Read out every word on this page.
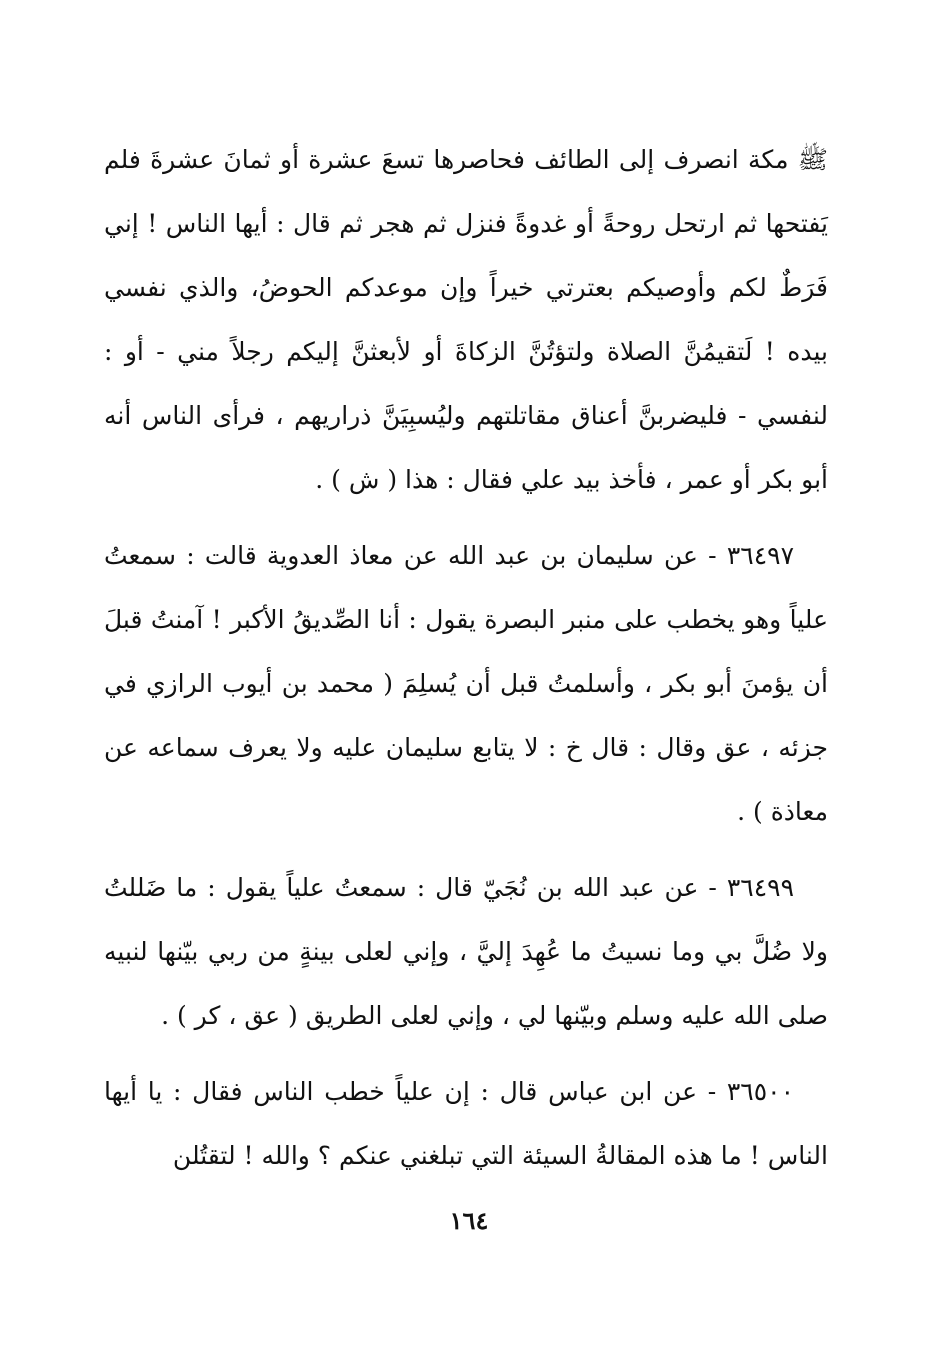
ﷺ مكة انصرف إلى الطائف فحاصرها تسعَ عشرة أو ثمانَ عشرةَ فلم يَفتحها ثم ارتحل روحةً أو غدوةً فنزل ثم هجر ثم قال : أيها الناس ! إني فَرَطٌ لكم وأوصيكم بعترتي خيراً وإن موعدكم الحوضُ، والذي نفسي بيده ! لَتقيمُنَّ الصلاة ولتؤتُنَّ الزكاةَ أو لأبعثنَّ إليكم رجلاً مني - أو : لنفسي - فليضربنَّ أعناق مقاتلتهم وليُسبِيَنَّ ذراريهم ، فرأى الناس أنه أبو بكر أو عمر ، فأخذ بيد علي فقال : هذا ( ش ) .

٣٦٤٩٧ - عن سليمان بن عبد الله عن معاذ العدوية قالت : سمعتُ علياً وهو يخطب على منبر البصرة يقول : أنا الصِّديقُ الأكبر ! آمنتُ قبلَ أن يؤمنَ أبو بكر ، وأسلمتُ قبل أن يُسلِمَ ( محمد بن أيوب الرازي في جزئه ، عق وقال : قال خ : لا يتابع سليمان عليه ولا يعرف سماعه عن معاذة ) .

٣٦٤٩٩ - عن عبد الله بن نُجَيّ قال : سمعتُ علياً يقول : ما ضَللتُ ولا ضُلَّ بي وما نسيتُ ما عُهِدَ إليَّ ، وإني لعلى بينةٍ من ربي بيّنها لنبيه صلى الله عليه وسلم وبيّنها لي ، وإني لعلى الطريق ( عق ، كر ) .

٣٦٥٠٠ - عن ابن عباس قال : إن علياً خطب الناس فقال : يا أيها الناس ! ما هذه المقالةُ السيئة التي تبلغني عنكم ؟ والله ! لتقتُلن

١٦٤
